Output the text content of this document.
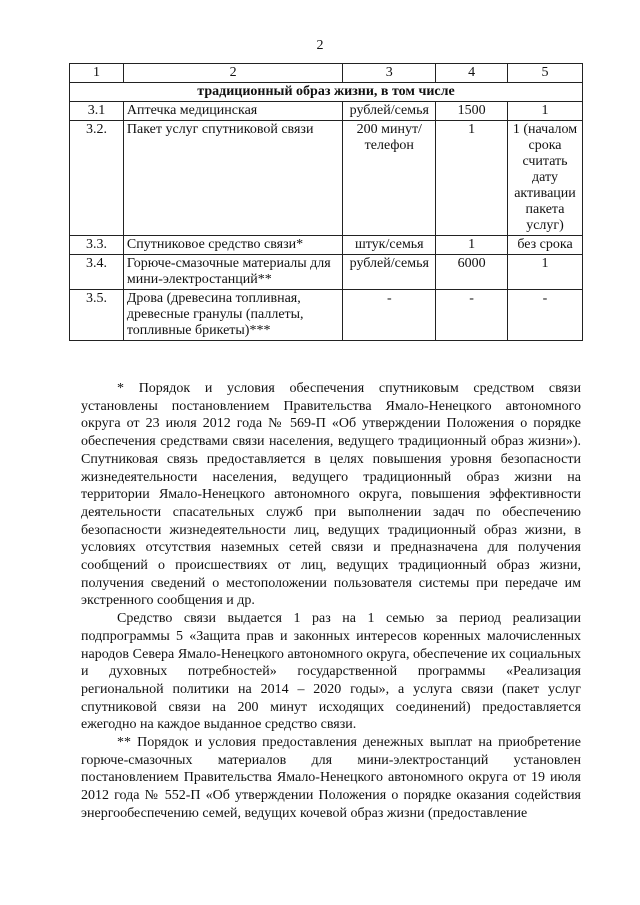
2
1	2	3	4	5
традиционный образ жизни, в том числе				
3.1	Аптечка медицинская	рублей/семья	1500	1
3.2.	Пакет услуг спутниковой связи	200 минут/ телефон	1	1 (началом срока считать дату активации пакета услуг)
3.3.	Спутниковое средство связи*	штук/семья	1	без срока
3.4.	Горюче-смазочные материалы для мини-электростанций**	рублей/семья	6000	1
3.5.	Дрова (древесина топливная, древесные гранулы (паллеты, топливные брикеты)***	-	-	-

* Порядок и условия обеспечения спутниковым средством связи установлены постановлением Правительства Ямало-Ненецкого автономного округа от 23 июля 2012 года № 569-П «Об утверждении Положения о порядке обеспечения средствами связи населения, ведущего традиционный образ жизни»). Спутниковая связь предоставляется в целях повышения уровня безопасности жизнедеятельности населения, ведущего традиционный образ жизни на территории Ямало-Ненецкого автономного округа, повышения эффективности деятельности спасательных служб при выполнении задач по обеспечению безопасности жизнедеятельности лиц, ведущих традиционный образ жизни, в условиях отсутствия наземных сетей связи и предназначена для получения сообщений о происшествиях от лиц, ведущих традиционный образ жизни, получения сведений о местоположении пользователя системы при передаче им экстренного сообщения и др.

Средство связи выдается 1 раз на 1 семью за период реализации подпрограммы 5 «Защита прав и законных интересов коренных малочисленных народов Севера Ямало-Ненецкого автономного округа, обеспечение их социальных и духовных потребностей» государственной программы «Реализация региональной политики на 2014 – 2020 годы», а услуга связи (пакет услуг спутниковой связи на 200 минут исходящих соединений) предоставляется ежегодно на каждое выданное средство связи.

** Порядок и условия предоставления денежных выплат на приобретение горюче-смазочных материалов для мини-электростанций установлен постановлением Правительства Ямало-Ненецкого автономного округа от 19 июля 2012 года № 552-П «Об утверждении Положения о порядке оказания содействия энергообеспечению семей, ведущих кочевой образ жизни (предоставление
